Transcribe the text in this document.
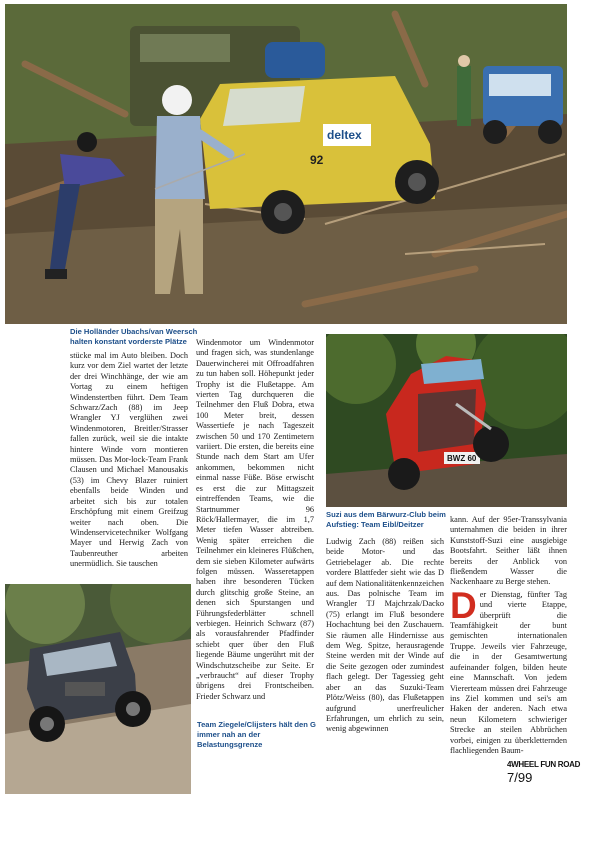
deltex
92
Die Holländer Ubachs/van Weersch halten konstant vorderste Plätze
BWZ 60
Suzi aus dem Bärwurz-Club beim Aufstieg: Team Eibl/Deitzer
Team Ziegele/Clijsters hält den G immer nah an der Belastungsgrenze

stücke mal im Auto bleiben. Doch kurz vor dem Ziel wartet der letzte der drei Winchhänge, der wie am Vortag zu einem heftigen Windenstertben führt. Dem Team Schwarz/Zach (88) im Jeep Wrangler YJ verglühen zwei Windenmotoren, Breitler/Strasser fallen zurück, weil sie die intakte hintere Winde vorn montieren müssen. Das Mor-lock-Team Frank Clausen und Michael Manousakis (53) im Chevy Blazer ruiniert ebenfalls beide Winden und arbeitet sich bis zur totalen Erschöpfung mit einem Greifzug weiter nach oben. Die Windenservicetechniker Wolfgang Mayer und Herwig Zach von Taubenreuther arbeiten unermüdlich. Sie tauschen

Windenmotor um Windenmotor und fragen sich, was stundenlange Dauerwincherei mit Offroadfahren zu tun haben soll. Höhepunkt jeder Trophy ist die Flußetappe. Am vierten Tag durchqueren die Teilnehmer den Fluß Dobra, etwa 100 Meter breit, dessen Wassertiefe je nach Tageszeit zwischen 50 und 170 Zentimetern variiert. Die ersten, die bereits eine Stunde nach dem Start am Ufer ankommen, bekommen nicht einmal nasse Füße. Böse erwischt es erst die zur Mittagszeit eintreffenden Teams, wie die Startnummer 96 Röck/Hallermayer, die im 1,7 Meter tiefen Wasser abtreiben. Wenig später erreichen die Teilnehmer ein kleineres Flüßchen, dem sie sieben Kilometer aufwärts folgen müssen. Wasseretappen haben ihre besonderen Tücken durch glitschig große Steine, an denen sich Spurstangen und Führungsfederblätter schnell verbiegen. Heinrich Schwarz (87) als vorausfahrender Pfadfinder schiebt quer über den Fluß liegende Bäume ungerührt mit der Windschutzscheibe zur Seite. Er „verbraucht“ auf dieser Trophy übrigens drei Frontscheiben. Frieder Schwarz und

Ludwig Zach (88) reißen sich beide Motor- und das Getriebelager ab. Die rechte vordere Blattfeder sieht wie das D auf dem Nationalitätenkennzeichen aus. Das polnische Team im Wrangler TJ Majchrzak/Dacko (75) erlangt im Fluß besondere Hochachtung bei den Zuschauern. Sie räumen alle Hindernisse aus dem Weg. Spitze, herausragende Steine werden mit der Winde auf die Seite gezogen oder zumindest flach gelegt. Der Tagessieg geht aber an das Suzuki-Team Plötz/Weiss (80), das Flußetappen aufgrund unerfreulicher Erfahrungen, um ehrlich zu sein, wenig abgewinnen

kann. Auf der 95er-Transsylvania unternahmen die beiden in ihrer Kunststoff-Suzi eine ausgiebige Bootsfahrt. Seither läßt ihnen bereits der Anblick von fließendem Wasser die Nackenhaare zu Berge stehen.

Der Dienstag, fünfter Tag und vierte Etappe, überprüft die Teamfähigkeit der bunt gemischten internationalen Truppe. Jeweils vier Fahrzeuge, die in der Gesamtwertung aufeinander folgen, bilden heute eine Mannschaft. Von jedem Viererteam müssen drei Fahrzeuge ins Ziel kommen und sei's am Haken der anderen. Nach etwa neun Kilometern schwieriger Strecke an steilen Abbrüchen vorbei, einigen zu überkletternden flachliegenden Baum-

4WHEEL FUN ROAD 7/99
